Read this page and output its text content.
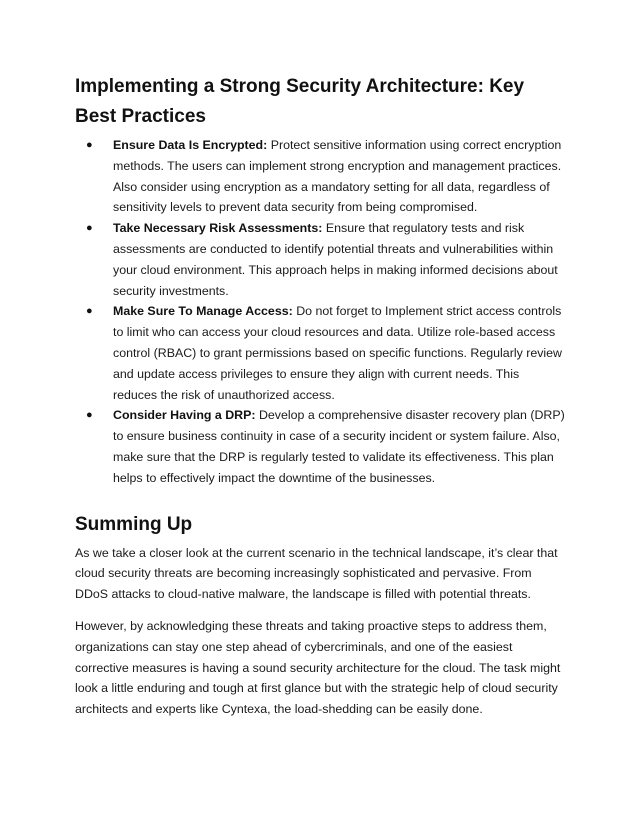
Implementing a Strong Security Architecture: Key Best Practices
● Ensure Data Is Encrypted: Protect sensitive information using correct encryption methods. The users can implement strong encryption and management practices. Also consider using encryption as a mandatory setting for all data, regardless of sensitivity levels to prevent data security from being compromised.
● Take Necessary Risk Assessments: Ensure that regulatory tests and risk assessments are conducted to identify potential threats and vulnerabilities within your cloud environment. This approach helps in making informed decisions about security investments.
● Make Sure To Manage Access: Do not forget to Implement strict access controls to limit who can access your cloud resources and data. Utilize role-based access control (RBAC) to grant permissions based on specific functions. Regularly review and update access privileges to ensure they align with current needs. This reduces the risk of unauthorized access.
● Consider Having a DRP: Develop a comprehensive disaster recovery plan (DRP) to ensure business continuity in case of a security incident or system failure. Also, make sure that the DRP is regularly tested to validate its effectiveness. This plan helps to effectively impact the downtime of the businesses.
Summing Up

As we take a closer look at the current scenario in the technical landscape, it’s clear that cloud security threats are becoming increasingly sophisticated and pervasive. From DDoS attacks to cloud-native malware, the landscape is filled with potential threats.

However, by acknowledging these threats and taking proactive steps to address them, organizations can stay one step ahead of cybercriminals, and one of the easiest corrective measures is having a sound security architecture for the cloud. The task might look a little enduring and tough at first glance but with the strategic help of cloud security architects and experts like Cyntexa, the load-shedding can be easily done.
